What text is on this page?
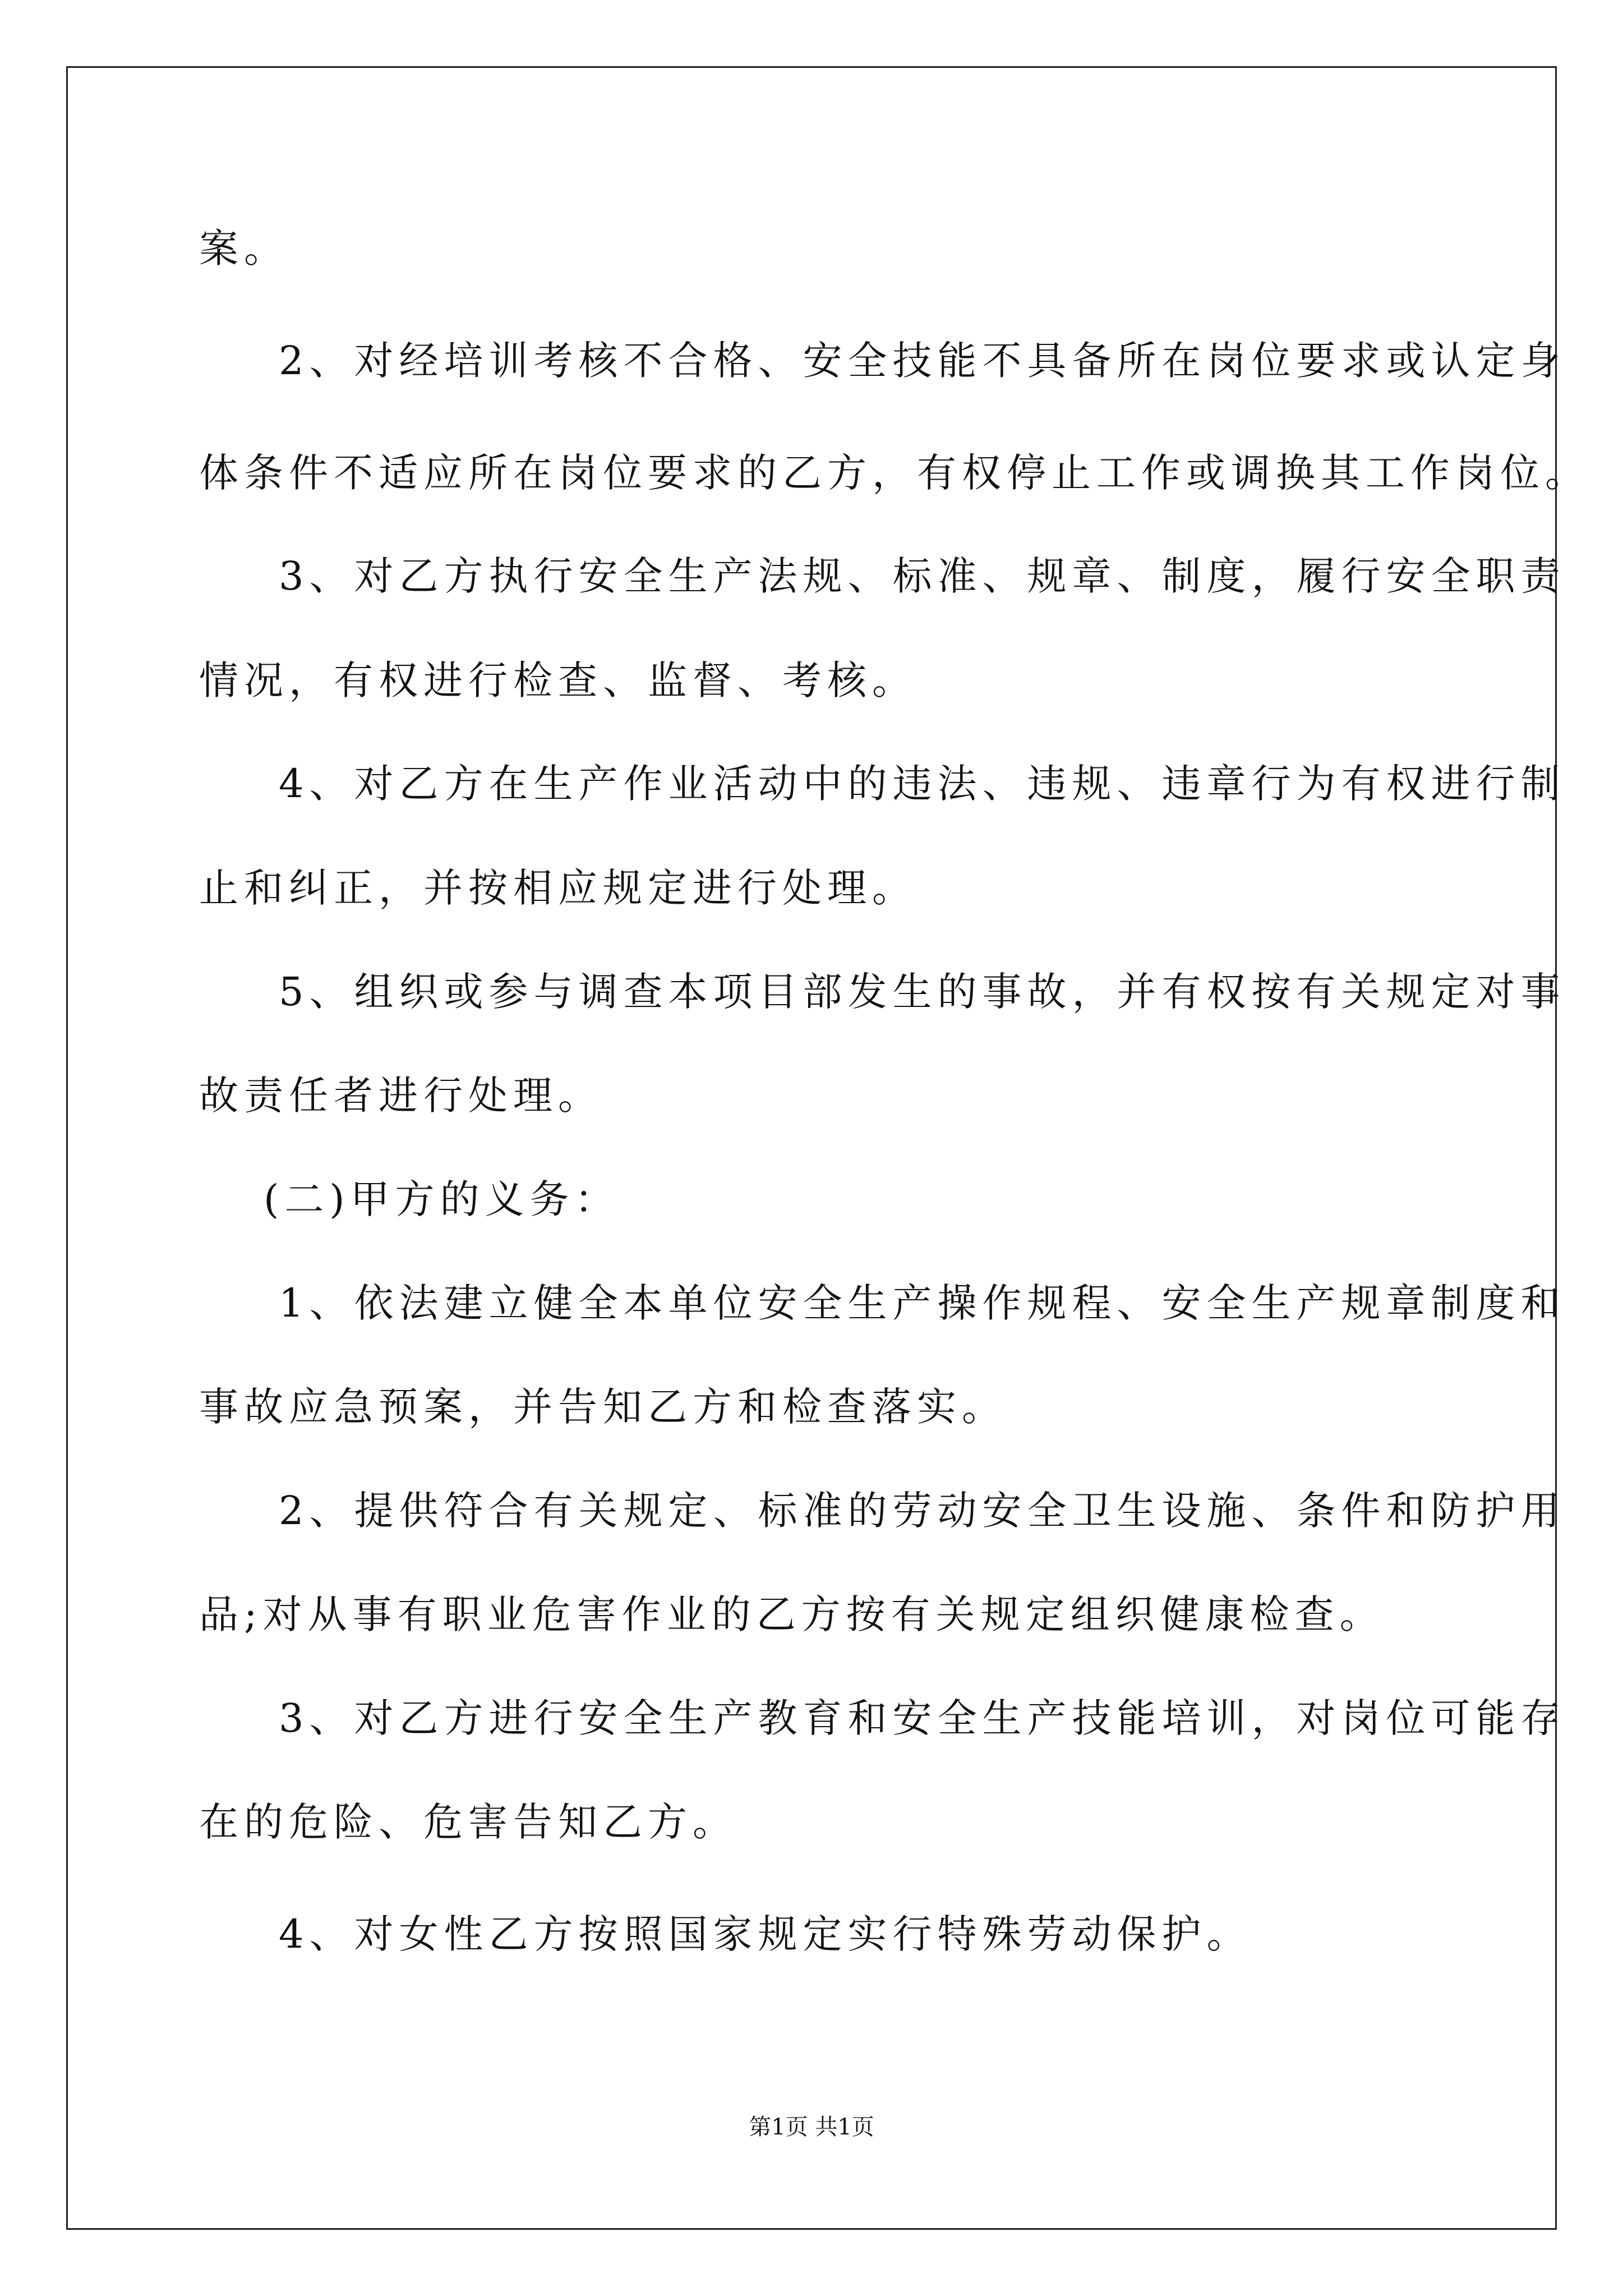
案。

2、对经培训考核不合格、安全技能不具备所在岗位要求或认定身

体条件不适应所在岗位要求的乙方，有权停止工作或调换其工作岗位。

3、对乙方执行安全生产法规、标准、规章、制度，履行安全职责

情况，有权进行检查、监督、考核。

4、对乙方在生产作业活动中的违法、违规、违章行为有权进行制

止和纠正，并按相应规定进行处理。

5、组织或参与调查本项目部发生的事故，并有权按有关规定对事

故责任者进行处理。

(二)甲方的义务：

1、依法建立健全本单位安全生产操作规程、安全生产规章制度和

事故应急预案，并告知乙方和检查落实。

2、提供符合有关规定、标准的劳动安全卫生设施、条件和防护用

品;对从事有职业危害作业的乙方按有关规定组织健康检查。

3、对乙方进行安全生产教育和安全生产技能培训，对岗位可能存

在的危险、危害告知乙方。

4、对女性乙方按照国家规定实行特殊劳动保护。

第1页 共1页
